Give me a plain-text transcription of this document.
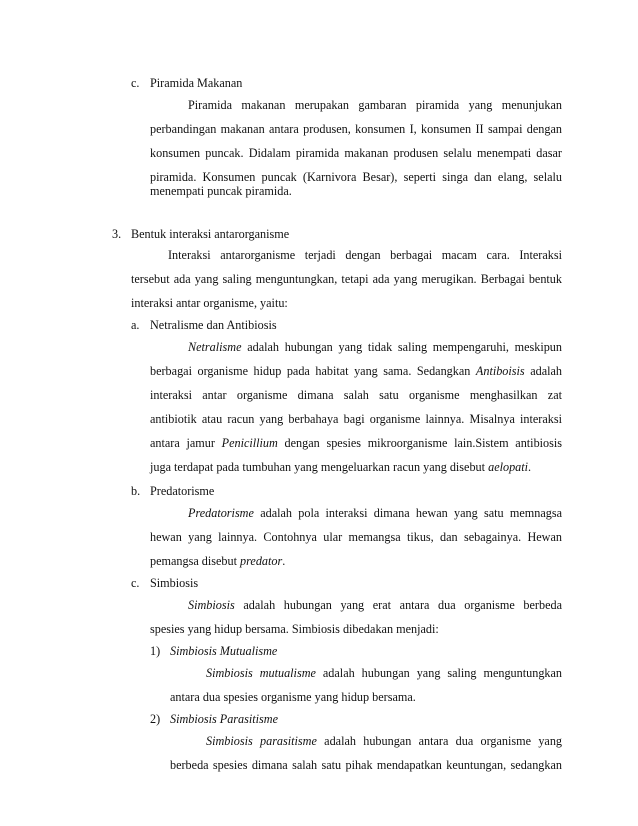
c. Piramida Makanan
Piramida makanan merupakan gambaran piramida yang menunjukan
perbandingan makanan antara produsen, konsumen I, konsumen II sampai dengan
konsumen puncak. Didalam piramida makanan produsen selalu menempati dasar
piramida. Konsumen puncak (Karnivora Besar), seperti singa dan elang, selalu
menempati puncak piramida.
3. Bentuk interaksi antarorganisme
Interaksi antarorganisme terjadi dengan berbagai macam cara. Interaksi
tersebut ada yang saling menguntungkan, tetapi ada yang merugikan. Berbagai bentuk
interaksi antar organisme, yaitu:
a. Netralisme dan Antibiosis
Netralisme adalah hubungan yang tidak saling mempengaruhi, meskipun
berbagai organisme hidup pada habitat yang sama. Sedangkan Antiboisis adalah
interaksi antar organisme dimana salah satu organisme menghasilkan zat
antibiotik atau racun yang berbahaya bagi organisme lainnya. Misalnya interaksi
antara jamur Penicillium dengan spesies mikroorganisme lain.Sistem antibiosis
juga terdapat pada tumbuhan yang mengeluarkan racun yang disebut aelopati.
b. Predatorisme
Predatorisme adalah pola interaksi dimana hewan yang satu memnagsa
hewan yang lainnya. Contohnya ular memangsa tikus, dan sebagainya. Hewan
pemangsa disebut predator.
c. Simbiosis
Simbiosis adalah hubungan yang erat antara dua organisme berbeda
spesies yang hidup bersama. Simbiosis dibedakan menjadi:
1) Simbiosis Mutualisme
Simbiosis mutualisme adalah hubungan yang saling menguntungkan
antara dua spesies organisme yang hidup bersama.
2) Simbiosis Parasitisme
Simbiosis parasitisme adalah hubungan antara dua organisme yang
berbeda spesies dimana salah satu pihak mendapatkan keuntungan, sedangkan
